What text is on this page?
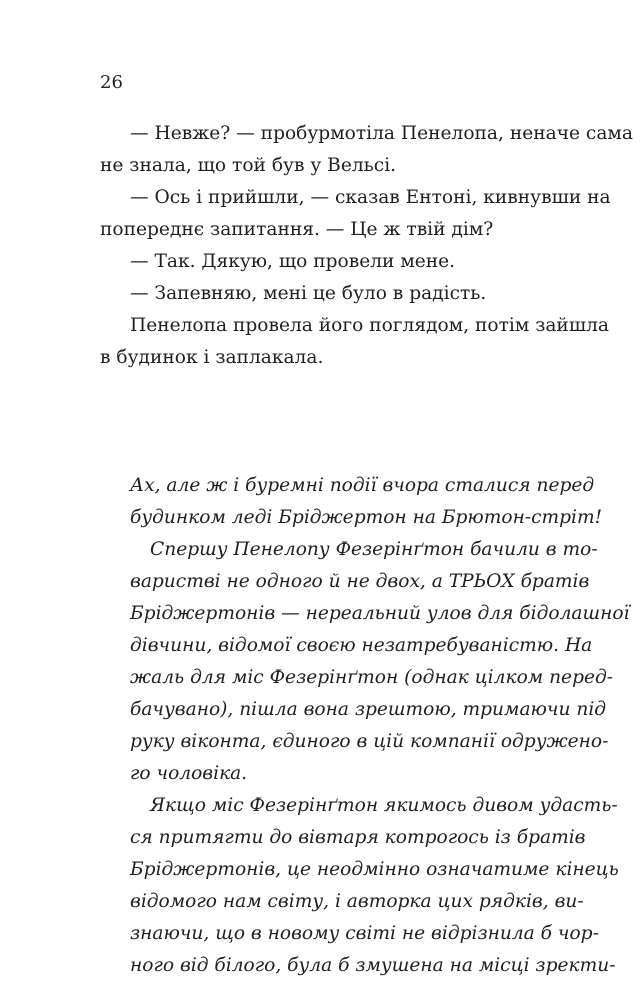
26
— Невже? — пробурмотіла Пенелопа, неначе сама
не знала, що той був у Вельсі.
— Ось і прийшли, — сказав Ентоні, кивнувши на
попереднє запитання. — Це ж твій дім?
— Так. Дякую, що провели мене.
— Запевняю, мені це було в радість.
Пенелопа провела його поглядом, потім зайшла
в будинок і заплакала.
Ах, але ж і буремні події вчора сталися перед
будинком леді Бріджертон на Брютон-стріт!
Спершу Пенелопу Фезерінґтон бачили в то-
варистві не одного й не двох, а ТРЬОХ братів
Бріджертонів — нереальний улов для бідолашної
дівчини, відомої своєю незатребуваністю. На
жаль для міс Фезерінґтон (однак цілком перед-
бачувано), пішла вона зрештою, тримаючи під
руку віконта, єдиного в цій компанії одружено-
го чоловіка.
Якщо міс Фезерінґтон якимось дивом удасть-
ся притягти до вівтаря котрогось із братів
Бріджертонів, це неодмінно означатиме кінець
відомого нам світу, і авторка цих рядків, ви-
знаючи, що в новому світі не відрізнила б чор-
ного від білого, була б змушена на місці зректи-
